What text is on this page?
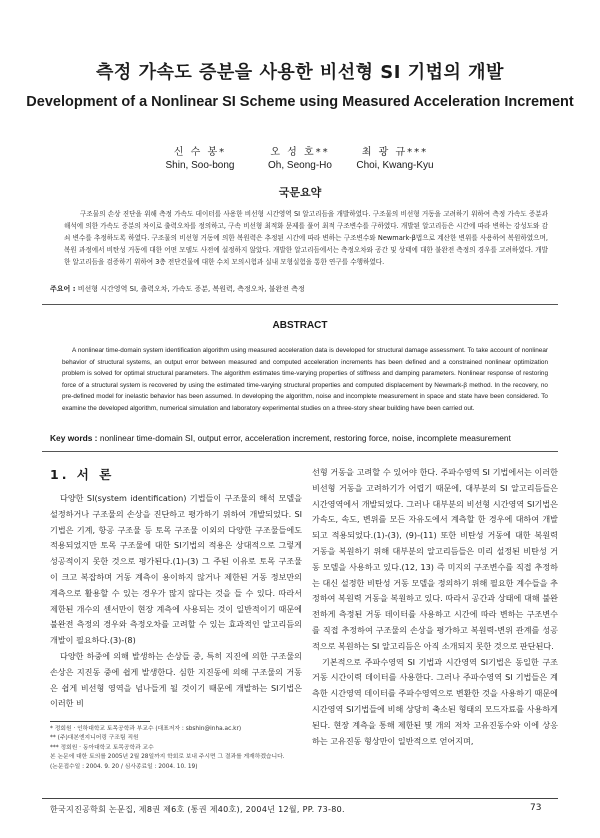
측정 가속도 증분을 사용한 비선형 SI 기법의 개발
Development of a Nonlinear SI Scheme using Measured Acceleration Increment
신 수 봉*
Shin, Soo-bong
오 성 호**
Oh, Seong-Ho
최 광 규***
Choi, Kwang-Kyu
국문요약
구조물의 손상 진단을 위해 측정 가속도 데이터를 사용한 비선형 시간영역 SI 알고리듬을 개발하였다. 구조물의 비선형 거동을 고려하기 위하여 측정 가속도 증분과 해석에 의한 가속도 증분의 차이로 출력오차를 정의하고, 구속 비선형 최적화 문제를 풀어 최적 구조변수를 구하였다. 개발된 알고리듬은 시간에 따라 변하는 강성도와 감쇠 변수를 추정하도록 하였다. 구조물의 비선형 거동에 의한 복원력은 추정된 시간에 따라 변하는 구조변수와 Newmark-β법으로 계산한 변위를 사용하여 복원하였으며, 복원 과정에서 비탄성 거동에 대한 어떤 모델도 사전에 설정하지 않았다. 개발한 알고리듬에서는 측정오차와 공간 및 상태에 대한 불완전 측정의 경우를 고려하였다. 개발한 알고리듬을 검증하기 위하여 3층 전단건물에 대한 수치 모의시험과 실내 모형실험을 통한 연구를 수행하였다.
주요어 : 비선형 시간영역 SI, 출력오차, 가속도 증분, 복원력, 측정오차, 불완전 측정
ABSTRACT
A nonlinear time-domain system identification algorithm using measured acceleration data is developed for structural damage assessment. To take account of nonlinear behavior of structural systems, an output error between measured and computed acceleration increments has been defined and a constrained nonlinear optimization problem is solved for optimal structural parameters. The algorithm estimates time-varying properties of stiffness and damping parameters. Nonlinear response of restoring force of a structural system is recovered by using the estimated time-varying structural properties and computed displacement by Newmark-β method. In the recovery, no pre-defined model for inelastic behavior has been assumed. In developing the algorithm, noise and incomplete measurement in space and state have been considered. To examine the developed algorithm, numerical simulation and laboratory experimental studies on a three-story shear building have been carried out.
Key words : nonlinear time-domain SI, output error, acceleration increment, restoring force, noise, incomplete measurement
1. 서 론

다양한 SI(system identification) 기법들이 구조물의 해석 모델을 설정하거나 구조물의 손상을 진단하고 평가하기 위하여 개발되었다. SI 기법은 기계, 항공 구조물 등 토목 구조물 이외의 다양한 구조물들에도 적용되었지만 토목 구조물에 대한 SI기법의 적용은 상대적으로 그렇게 성공적이지 못한 것으로 평가된다.(1)-(3) 그 주된 이유로 토목 구조물이 크고 복잡하며 거동 계측이 용이하지 않거나 제한된 거동 정보만의 계측으로 활용할 수 있는 경우가 많지 않다는 것을 들 수 있다. 따라서 제한된 개수의 센서만이 현장 계측에 사용되는 것이 일반적이기 때문에 불완전 측정의 경우와 측정오차를 고려할 수 있는 효과적인 알고리듬의 개발이 필요하다.(3)-(8)

다양한 하중에 의해 발생하는 손상들 중, 특히 지진에 의한 구조물의 손상은 지진동 중에 쉽게 발생한다. 심한 지진동에 의해 구조물의 거동은 쉽게 비선형 영역을 넘나들게 될 것이기 때문에 개발하는 SI기법은 이러한 비

선형 거동을 고려할 수 있어야 한다. 주파수영역 SI 기법에서는 이러한 비선형 거동을 고려하기가 어렵기 때문에, 대부분의 SI 알고리듬들은 시간영역에서 개발되었다. 그러나 대부분의 비선형 시간영역 SI기법은 가속도, 속도, 변위를 모든 자유도에서 계측할 한 경우에 대하여 개발되고 적용되었다.(1)-(3), (9)-(11) 또한 비탄성 거동에 대한 복원력 거동을 복원하기 위해 대부분의 알고리듬들은 미리 설정된 비탄성 거동 모델을 사용하고 있다.(12, 13) 즉 미지의 구조변수를 직접 추정하는 대신 설정한 비탄성 거동 모델을 정의하기 위해 필요한 계수들을 추정하여 복원력 거동을 복원하고 있다. 따라서 공간과 상태에 대해 불완전하게 측정된 거동 데이터를 사용하고 시간에 따라 변하는 구조변수를 직접 추정하여 구조물의 손상을 평가하고 복원력-변위 관계를 성공적으로 복원하는 SI 알고리듬은 아직 소개되지 못한 것으로 판단된다.

기본적으로 주파수영역 SI 기법과 시간영역 SI기법은 동일한 구조거동 시간이력 데이터를 사용한다. 그러나 주파수영역 SI 기법들은 계측한 시간영역 데이터를 주파수영역으로 변환한 것을 사용하기 때문에 시간영역 SI기법들에 비해 상당히 축소된 형태의 모드자료를 사용하게 된다. 현장 계측을 통해 제한된 몇 개의 저차 고유진동수와 이에 상응하는 고유진동 형상만이 일반적으로 얻어지며,

* 정회원 · 인하대학교 토목공학과 부교수 (대표저자 : sbshin@inha.ac.kr)
** (주)대본엔지니어링 구조팀 직원
*** 정회원 · 동아대학교 토목공학과 교수
본 논문에 대한 토의를 2005년 2월 28일까지 학회로 보내 주시면 그 결과를 게재하겠습니다.
(논문접수일 : 2004. 9. 20 / 심사종료일 : 2004. 10. 19)
한국지진공학회 논문집, 제8권 제6호 (통권 제40호), 2004년 12월, PP. 73-80.	73
